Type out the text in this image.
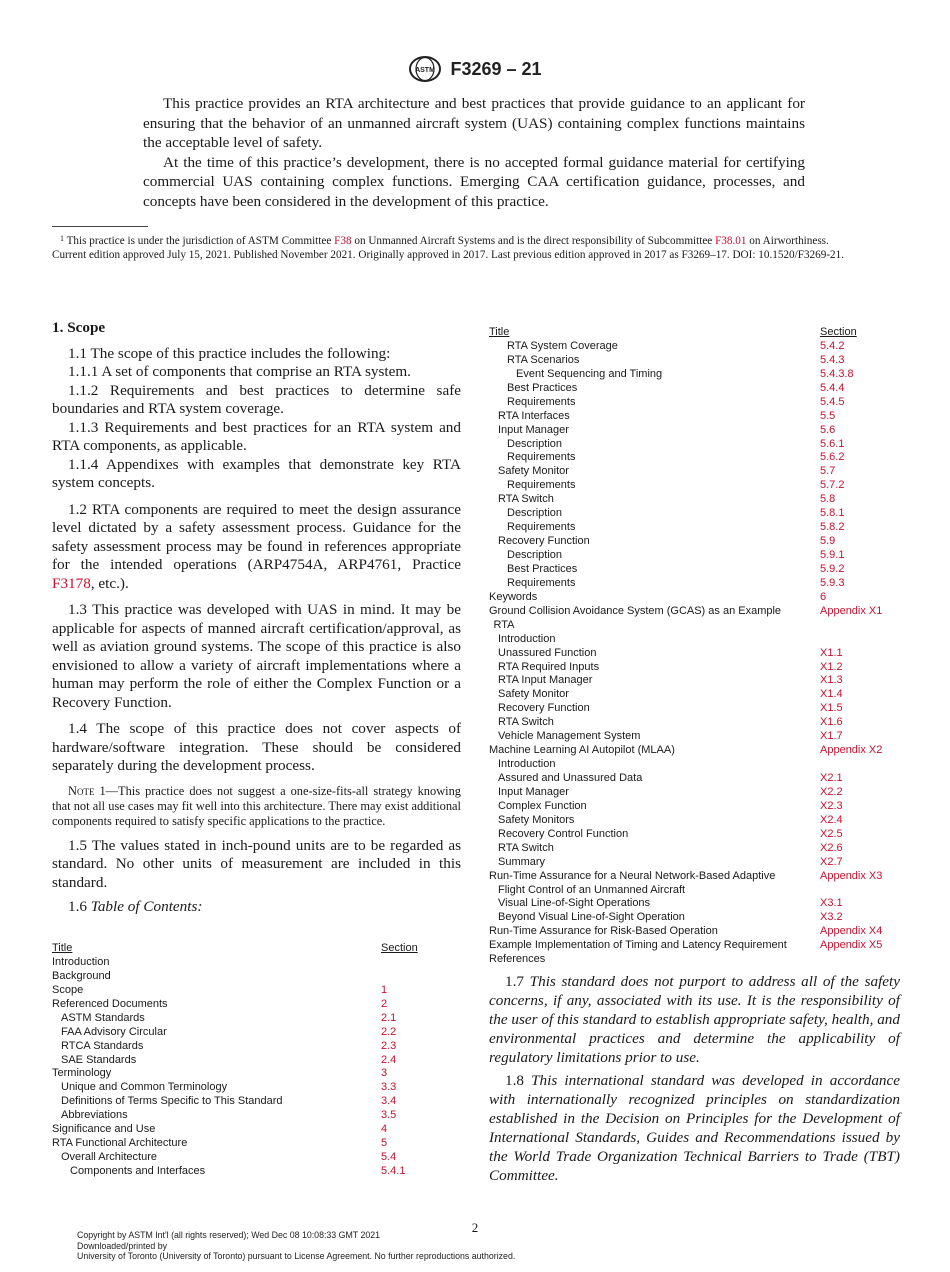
ASTM F3269 – 21

This practice provides an RTA architecture and best practices that provide guidance to an applicant for ensuring that the behavior of an unmanned aircraft system (UAS) containing complex functions maintains the acceptable level of safety.

At the time of this practice’s development, there is no accepted formal guidance material for certifying commercial UAS containing complex functions. Emerging CAA certification guidance, processes, and concepts have been considered in the development of this practice.

$^1$ This practice is under the jurisdiction of ASTM Committee F38 on Unmanned Aircraft Systems and is the direct responsibility of Subcommittee F38.01 on Airworthiness.

Current edition approved July 15, 2021. Published November 2021. Originally approved in 2017. Last previous edition approved in 2017 as F3269–17. DOI: 10.1520/F3269-21.

1. Scope

1.1 The scope of this practice includes the following:

1.1.1 A set of components that comprise an RTA system.

1.1.2 Requirements and best practices to determine safe boundaries and RTA system coverage.

1.1.3 Requirements and best practices for an RTA system and RTA components, as applicable.

1.1.4 Appendixes with examples that demonstrate key RTA system concepts.

1.2 RTA components are required to meet the design assurance level dictated by a safety assessment process. Guidance for the safety assessment process may be found in references appropriate for the intended operations (ARP4754A, ARP4761, Practice F3178, etc.).

1.3 This practice was developed with UAS in mind. It may be applicable for aspects of manned aircraft certification/approval, as well as aviation ground systems. The scope of this practice is also envisioned to allow a variety of aircraft implementations where a human may perform the role of either the Complex Function or a Recovery Function.

1.4 The scope of this practice does not cover aspects of hardware/software integration. These should be considered separately during the development process.

Note 1—This practice does not suggest a one-size-fits-all strategy knowing that not all use cases may fit well into this architecture. There may exist additional components required to satisfy specific applications to the practice.

1.5 The values stated in inch-pound units are to be regarded as standard. No other units of measurement are included in this standard.

1.6 Table of Contents:

Title	Section
Introduction
Background
Scope	1
Referenced Documents	2
ASTM Standards	2.1
FAA Advisory Circular	2.2
RTCA Standards	2.3
SAE Standards	2.4
Terminology	3
Unique and Common Terminology	3.3
Definitions of Terms Specific to This Standard	3.4
Abbreviations	3.5
Significance and Use	4
RTA Functional Architecture	5
Overall Architecture	5.4
Components and Interfaces	5.4.1
Title	Section
RTA System Coverage	5.4.2
RTA Scenarios	5.4.3
Event Sequencing and Timing	5.4.3.8
Best Practices	5.4.4
Requirements	5.4.5
RTA Interfaces	5.5
Input Manager	5.6
Description	5.6.1
Requirements	5.6.2
Safety Monitor	5.7
Requirements	5.7.2
RTA Switch	5.8
Description	5.8.1
Requirements	5.8.2
Recovery Function	5.9
Description	5.9.1
Best Practices	5.9.2
Requirements	5.9.3
Keywords	6
Ground Collision Avoidance System (GCAS) as an Example	Appendix X1
RTA
Introduction
Unassured Function	X1.1
RTA Required Inputs	X1.2
RTA Input Manager	X1.3
Safety Monitor	X1.4
Recovery Function	X1.5
RTA Switch	X1.6
Vehicle Management System	X1.7
Machine Learning AI Autopilot (MLAA)	Appendix X2
Introduction
Assured and Unassured Data	X2.1
Input Manager	X2.2
Complex Function	X2.3
Safety Monitors	X2.4
Recovery Control Function	X2.5
RTA Switch	X2.6
Summary	X2.7
Run-Time Assurance for a Neural Network-Based Adaptive	Appendix X3
Flight Control of an Unmanned Aircraft
Visual Line-of-Sight Operations	X3.1
Beyond Visual Line-of-Sight Operation	X3.2
Run-Time Assurance for Risk-Based Operation	Appendix X4
Example Implementation of Timing and Latency Requirement	Appendix X5
References

1.7 This standard does not purport to address all of the safety concerns, if any, associated with its use. It is the responsibility of the user of this standard to establish appropriate safety, health, and environmental practices and determine the applicability of regulatory limitations prior to use.

1.8 This international standard was developed in accordance with internationally recognized principles on standardization established in the Decision on Principles for the Development of International Standards, Guides and Recommendations issued by the World Trade Organization Technical Barriers to Trade (TBT) Committee.

2
Copyright by ASTM Int'l (all rights reserved); Wed Dec 08 10:08:33 GMT 2021
Downloaded/printed by
University of Toronto (University of Toronto) pursuant to License Agreement. No further reproductions authorized.
